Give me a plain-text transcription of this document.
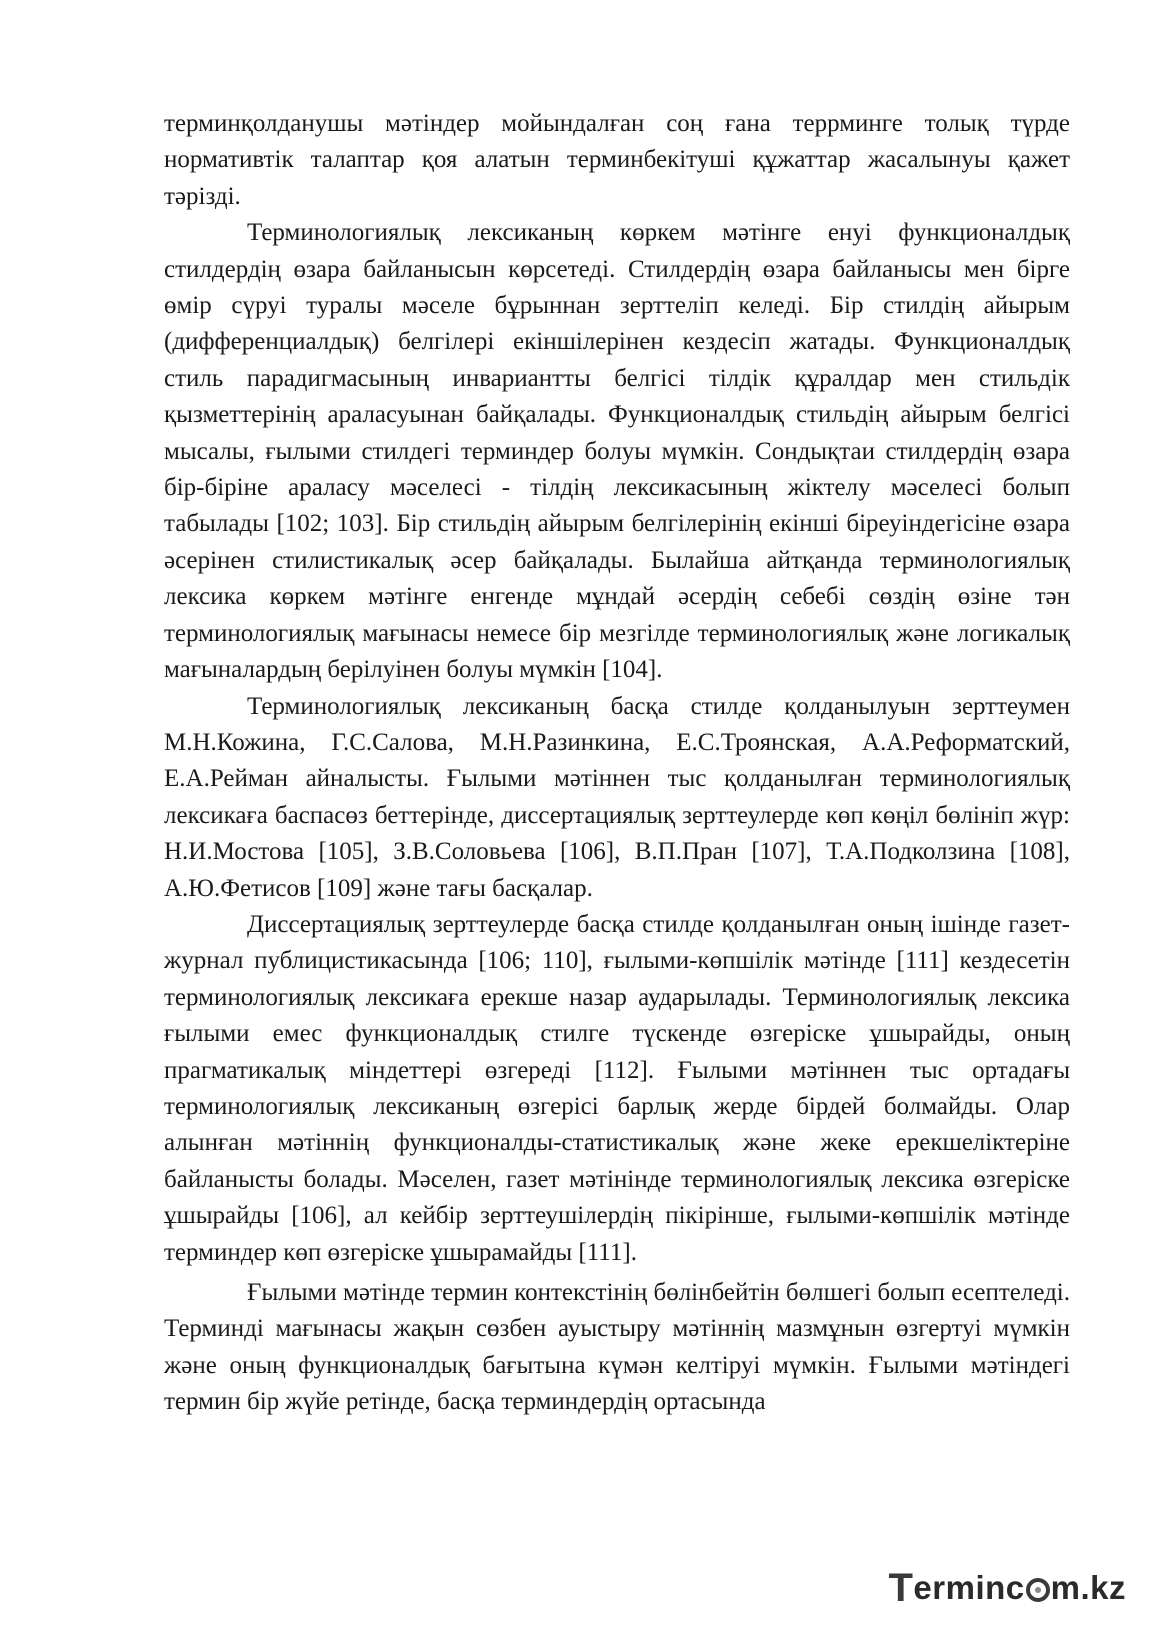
терминқолданушы мәтіндер мойындалған соң ғана террминге толық түрде нормативтік талаптар қоя алатын терминбекітуші құжаттар жасалынуы қажет тәрізді.

Терминологиялық лексиканың көркем мәтінге енуі функционалдық стилдердің өзара байланысын көрсетеді. Стилдердің өзара байланысы мен бірге өмір сүруі туралы мәселе бұрыннан зерттеліп келеді. Бір стилдің айырым (дифференциалдық) белгілері екіншілерінен кездесіп жатады. Функционалдық стиль парадигмасының инвариантты белгісі тілдік құралдар мен стильдік қызметтерінің араласуынан байқалады. Функционалдық стильдің айырым белгісі мысалы, ғылыми стилдегі терминдер болуы мүмкін. Сондықтаи стилдердің өзара бір-біріне араласу мәселесі - тілдің лексикасының жіктелу мәселесі болып табылады [102; 103]. Бір стильдің айырым белгілерінің екінші біреуіндегісіне өзара әсерінен стилистикалық әсер байқалады. Былайша айтқанда терминологиялық лексика көркем мәтінге енгенде мұндай әсердің себебі сөздің өзіне тән терминологиялық мағынасы немесе бір мезгілде терминологиялық және логикалық мағыналардың берілуінен болуы мүмкін [104].

Терминологиялық лексиканың басқа стилде қолданылуын зерттеумен М.Н.Кожина, Г.С.Салова, М.Н.Разинкина, Е.С.Троянская, А.А.Реформатский, Е.А.Рейман айналысты. Ғылыми мәтіннен тыс қолданылған терминологиялық лексикаға баспасөз беттерінде, диссертациялық зерттеулерде көп көңіл бөлініп жүр: Н.И.Мостова [105], З.В.Соловьева [106], В.П.Пран [107], Т.А.Подколзина [108], А.Ю.Фетисов [109] және тағы басқалар.

Диссертациялық зерттеулерде басқа стилде қолданылған оның ішінде газет-журнал публицистикасында [106; 110], ғылыми-көпшілік мәтінде [111] кездесетін терминологиялық лексикаға ерекше назар аударылады. Терминологиялық лексика ғылыми емес функционалдық стилге түскенде өзгеріске ұшырайды, оның прагматикалық міндеттері өзгереді [112]. Ғылыми мәтіннен тыс ортадағы терминологиялық лексиканың өзгерісі барлық жерде бірдей болмайды. Олар алынған мәтіннің функционалды-статистикалық және жеке ерекшеліктеріне байланысты болады. Мәселен, газет мәтінінде терминологиялық лексика өзгеріске ұшырайды [106], ал кейбір зерттеушілердің пікірінше, ғылыми-көпшілік мәтінде терминдер көп өзгеріске ұшырамайды [111].

Ғылыми мәтінде термин контекстінің бөлінбейтін бөлшегі болып есептеледі. Терминді мағынасы жақын сөзбен ауыстыру мәтіннің мазмұнын өзгертуі мүмкін және оның функционалдық бағытына күмән келтіруі мүмкін. Ғылыми мәтіндегі термин бір жүйе ретінде, басқа терминдердің ортасында

T erminc m.kz
